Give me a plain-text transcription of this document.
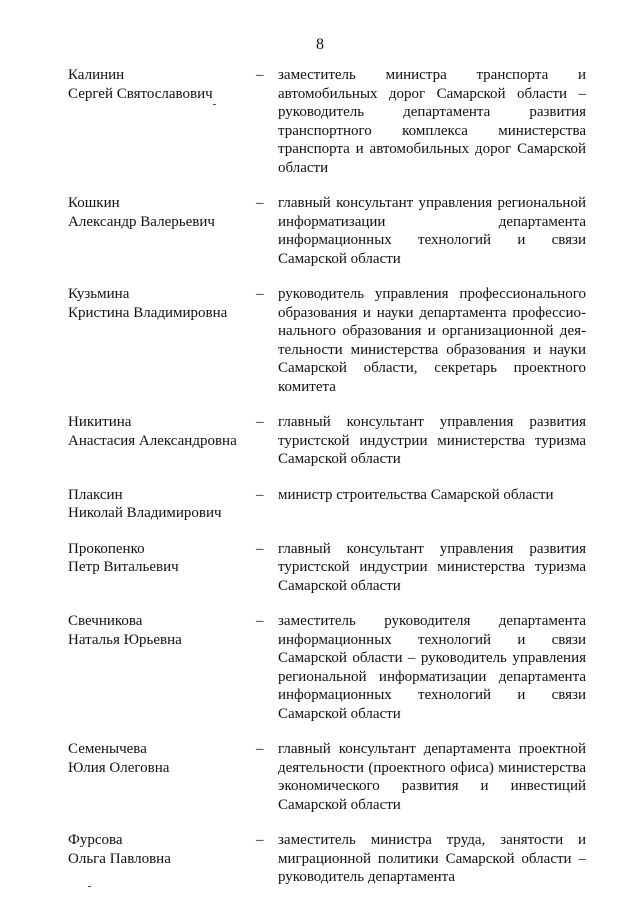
8
Калинин
Сергей Святославович
– заместитель министра транспорта и автомобильных дорог Самарской области – руководитель департамента развития транспортного комплекса министерства транспорта и автомобильных дорог Самарской области
Кошкин
Александр Валерьевич
– главный консультант управления региональной информатизации департамента информационных технологий и связи Самарской области
Кузьмина
Кристина Владимировна
– руководитель управления профессионального образования и науки департамента профессионального образования и организационной деятельности министерства образования и науки Самарской области, секретарь проектного комитета
Никитина
Анастасия Александровна
– главный консультант управления развития туристской индустрии министерства туризма Самарской области
Плаксин
Николай Владимирович
– министр строительства Самарской области
Прокопенко
Петр Витальевич
– главный консультант управления развития туристской индустрии министерства туризма Самарской области
Свечникова
Наталья Юрьевна
– заместитель руководителя департамента информационных технологий и связи Самарской области – руководитель управления региональной информатизации департамента информационных технологий и связи Самарской области
Семенычева
Юлия Олеговна
– главный консультант департамента проектной деятельности (проектного офиса) министерства экономического развития и инвестиций Самарской области
Фурсова
Ольга Павловна
– заместитель министра труда, занятости и миграционной политики Самарской области – руководитель департамента
